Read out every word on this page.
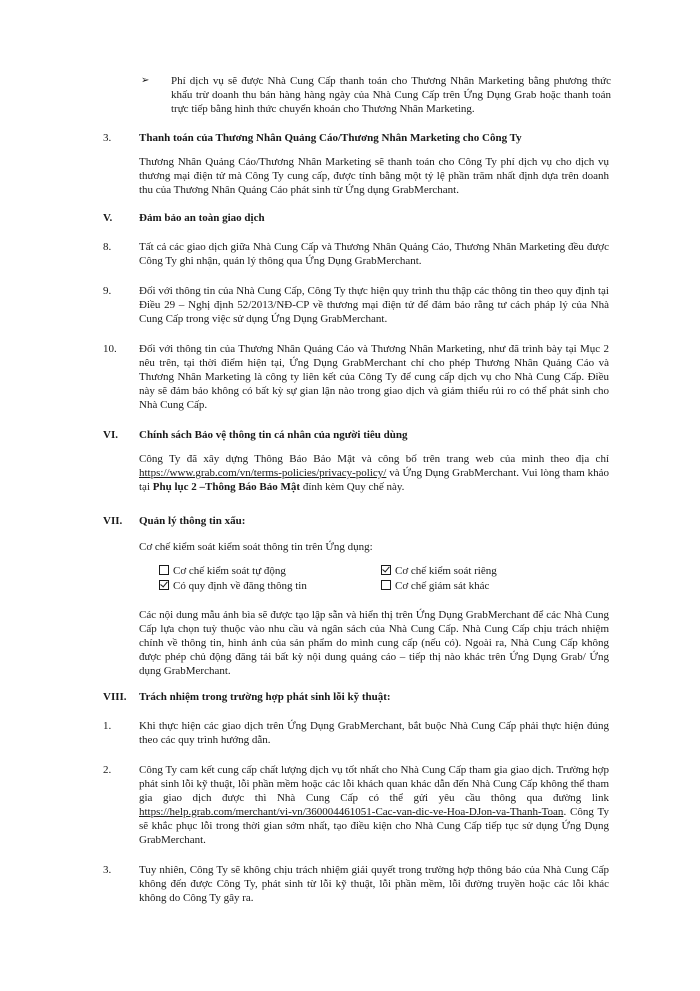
➢ Phí dịch vụ sẽ được Nhà Cung Cấp thanh toán cho Thương Nhân Marketing bằng phương thức khấu trừ doanh thu bán hàng hàng ngày của Nhà Cung Cấp trên Ứng Dụng Grab hoặc thanh toán trực tiếp bằng hình thức chuyển khoản cho Thương Nhân Marketing.
3.	Thanh toán của Thương Nhân Quảng Cáo/Thương Nhân Marketing cho Công Ty
Thương Nhân Quảng Cáo/Thương Nhân Marketing sẽ thanh toán cho Công Ty phí dịch vụ cho dịch vụ thương mại điện tử mà Công Ty cung cấp, được tính bằng một tỷ lệ phần trăm nhất định dựa trên doanh thu của Thương Nhân Quảng Cáo phát sinh từ Ứng dụng GrabMerchant.
V.	Đảm bảo an toàn giao dịch
8.	Tất cả các giao dịch giữa Nhà Cung Cấp và Thương Nhân Quảng Cáo, Thương Nhân Marketing đều được Công Ty ghi nhận, quản lý thông qua Ứng Dụng GrabMerchant.
9.	Đối với thông tin của Nhà Cung Cấp, Công Ty thực hiện quy trình thu thập các thông tin theo quy định tại Điều 29 – Nghị định 52/2013/NĐ-CP về thương mại điện tử để đảm bảo rằng tư cách pháp lý của Nhà Cung Cấp trong việc sử dụng Ứng Dụng GrabMerchant.
10.	Đối với thông tin của Thương Nhân Quảng Cáo và Thương Nhân Marketing, như đã trình bày tại Mục 2 nêu trên, tại thời điểm hiện tại, Ứng Dụng GrabMerchant chỉ cho phép Thương Nhân Quảng Cáo và Thương Nhân Marketing là công ty liên kết của Công Ty để cung cấp dịch vụ cho Nhà Cung Cấp. Điều này sẽ đảm bảo không có bất kỳ sự gian lận nào trong giao dịch và giảm thiểu rủi ro có thể phát sinh cho Nhà Cung Cấp.
VI.	Chính sách Bảo vệ thông tin cá nhân của người tiêu dùng
Công Ty đã xây dựng Thông Báo Bảo Mật và công bố trên trang web của mình theo địa chỉ https://www.grab.com/vn/terms-policies/privacy-policy/ và Ứng Dụng GrabMerchant. Vui lòng tham khảo tại Phụ lục 2 –Thông Báo Bảo Mật đính kèm Quy chế này.
VII.	Quản lý thông tin xấu:
Cơ chế kiểm soát kiểm soát thông tin trên Ứng dụng:
Cơ chế kiểm soát tự động	Cơ chế kiểm soát riêng
Có quy định về đăng thông tin	Cơ chế giám sát khác
Các nội dung mẫu ảnh bìa sẽ được tạo lập sẵn và hiển thị trên Ứng Dụng GrabMerchant để các Nhà Cung Cấp lựa chọn tuỳ thuộc vào nhu cầu và ngân sách của Nhà Cung Cấp. Nhà Cung Cấp chịu trách nhiệm chính về thông tin, hình ảnh của sản phẩm do mình cung cấp (nếu có). Ngoài ra, Nhà Cung Cấp không được phép chủ động đăng tải bất kỳ nội dung quảng cáo – tiếp thị nào khác trên Ứng Dụng Grab/ Ứng dụng GrabMerchant.
VIII.	Trách nhiệm trong trường hợp phát sinh lỗi kỹ thuật:
1.	Khi thực hiện các giao dịch trên Ứng Dụng GrabMerchant, bắt buộc Nhà Cung Cấp phải thực hiện đúng theo các quy trình hướng dẫn.
2.	Công Ty cam kết cung cấp chất lượng dịch vụ tốt nhất cho Nhà Cung Cấp tham gia giao dịch. Trường hợp phát sinh lỗi kỹ thuật, lỗi phần mềm hoặc các lỗi khách quan khác dẫn đến Nhà Cung Cấp không thể tham gia giao dịch được thì Nhà Cung Cấp có thể gửi yêu cầu thông qua đường link https://help.grab.com/merchant/vi-vn/360004461051-Cac-van-dic-ve-Hoa-DJon-va-Thanh-Toan. Công Ty sẽ khắc phục lỗi trong thời gian sớm nhất, tạo điều kiện cho Nhà Cung Cấp tiếp tục sử dụng Ứng Dụng GrabMerchant.
3.	Tuy nhiên, Công Ty sẽ không chịu trách nhiệm giải quyết trong trường hợp thông báo của Nhà Cung Cấp không đến được Công Ty, phát sinh từ lỗi kỹ thuật, lỗi phần mềm, lỗi đường truyền hoặc các lỗi khác không do Công Ty gây ra.
